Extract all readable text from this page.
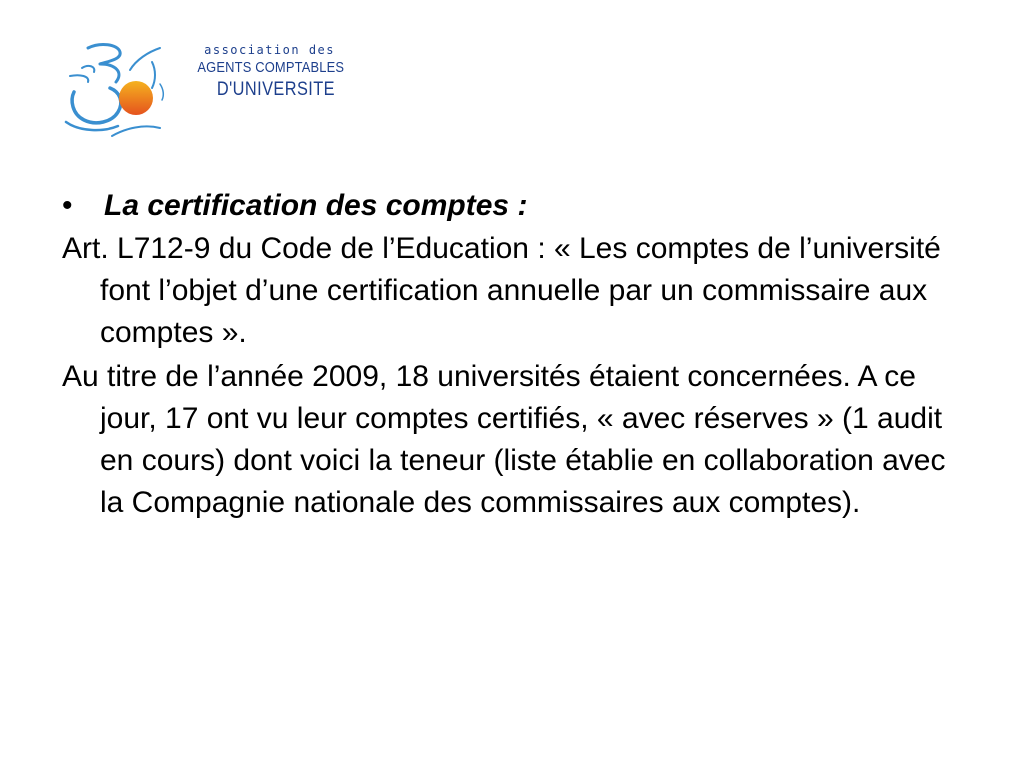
association des
AGENTS COMPTABLES
D'UNIVERSITE
• La certification des comptes :

Art. L712-9 du Code de l’Education : « Les comptes de l’université font l’objet d’une certification annuelle par un commissaire aux comptes ».

Au titre de l’année 2009, 18 universités étaient concernées. A ce jour, 17 ont vu leur comptes certifiés, « avec réserves » (1 audit en cours) dont voici la teneur (liste établie en collaboration avec la Compagnie nationale des commissaires aux comptes).
